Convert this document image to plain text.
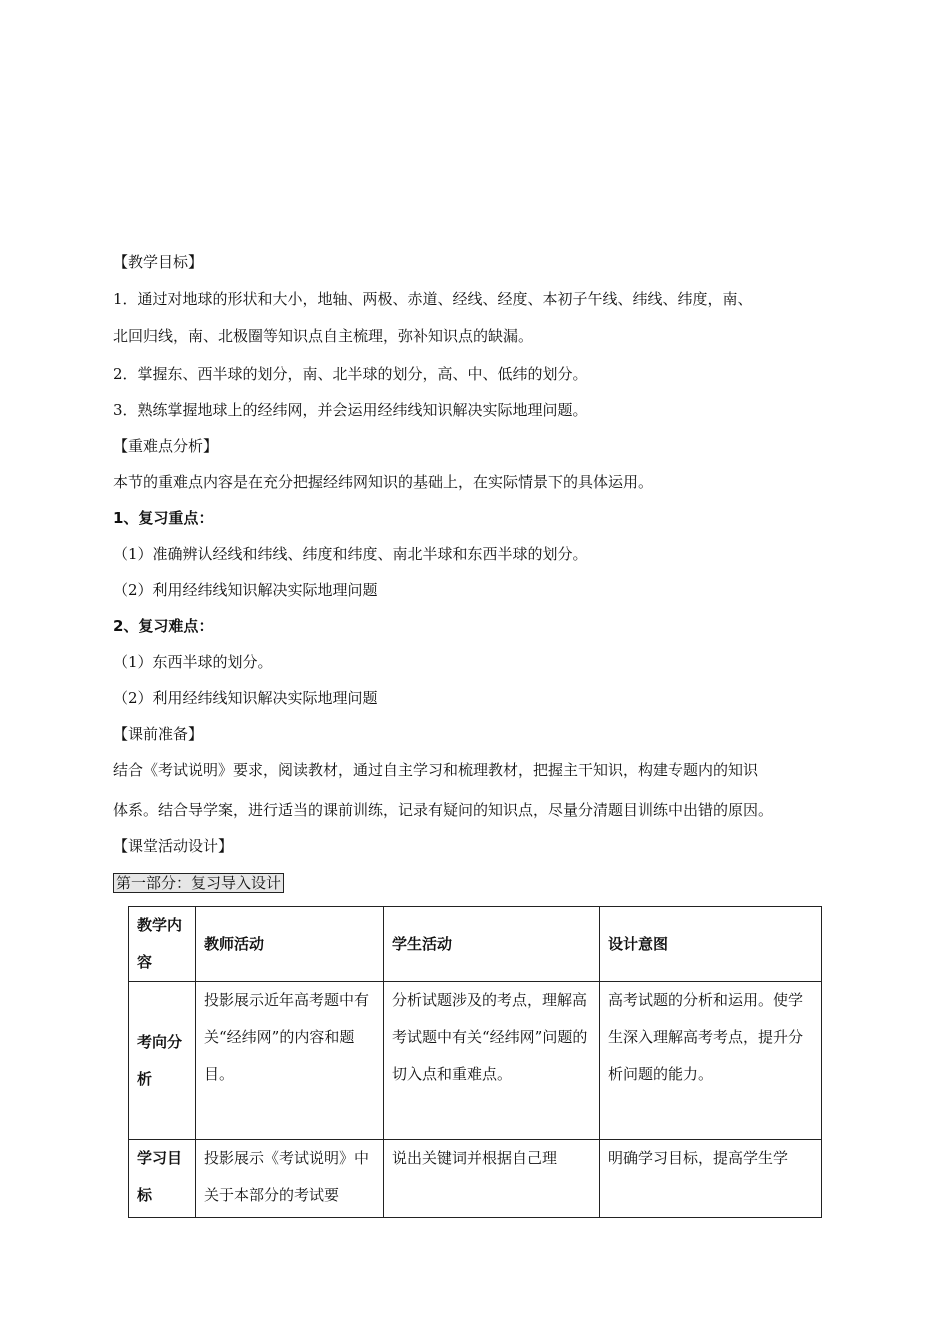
【教学目标】
1．通过对地球的形状和大小，地轴、两极、赤道、经线、经度、本初子午线、纬线、纬度，南、
北回归线，南、北极圈等知识点自主梳理，弥补知识点的缺漏。
2．掌握东、西半球的划分，南、北半球的划分，高、中、低纬的划分。
3．熟练掌握地球上的经纬网，并会运用经纬线知识解决实际地理问题。
【重难点分析】
本节的重难点内容是在充分把握经纬网知识的基础上，在实际情景下的具体运用。
1、复习重点：
（1）准确辨认经线和纬线、纬度和纬度、南北半球和东西半球的划分。
（2）利用经纬线知识解决实际地理问题
2、复习难点：
（1）东西半球的划分。
（2）利用经纬线知识解决实际地理问题
【课前准备】
结合《考试说明》要求，阅读教材，通过自主学习和梳理教材，把握主干知识，构建专题内的知识
体系。结合导学案，进行适当的课前训练，记录有疑问的知识点，尽量分清题目训练中出错的原因。
【课堂活动设计】
第一部分：复习导入设计
教学内容	教师活动	学生活动	设计意图
考向分析	投影展示近年高考题中有关“经纬网”的内容和题目。	分析试题涉及的考点，理解高考试题中有关“经纬网”问题的切入点和重难点。	高考试题的分析和运用。使学生深入理解高考考点，提升分析问题的能力。
学习目标	投影展示《考试说明》中关于本部分的考试要	说出关键词并根据自己理	明确学习目标，提高学生学
